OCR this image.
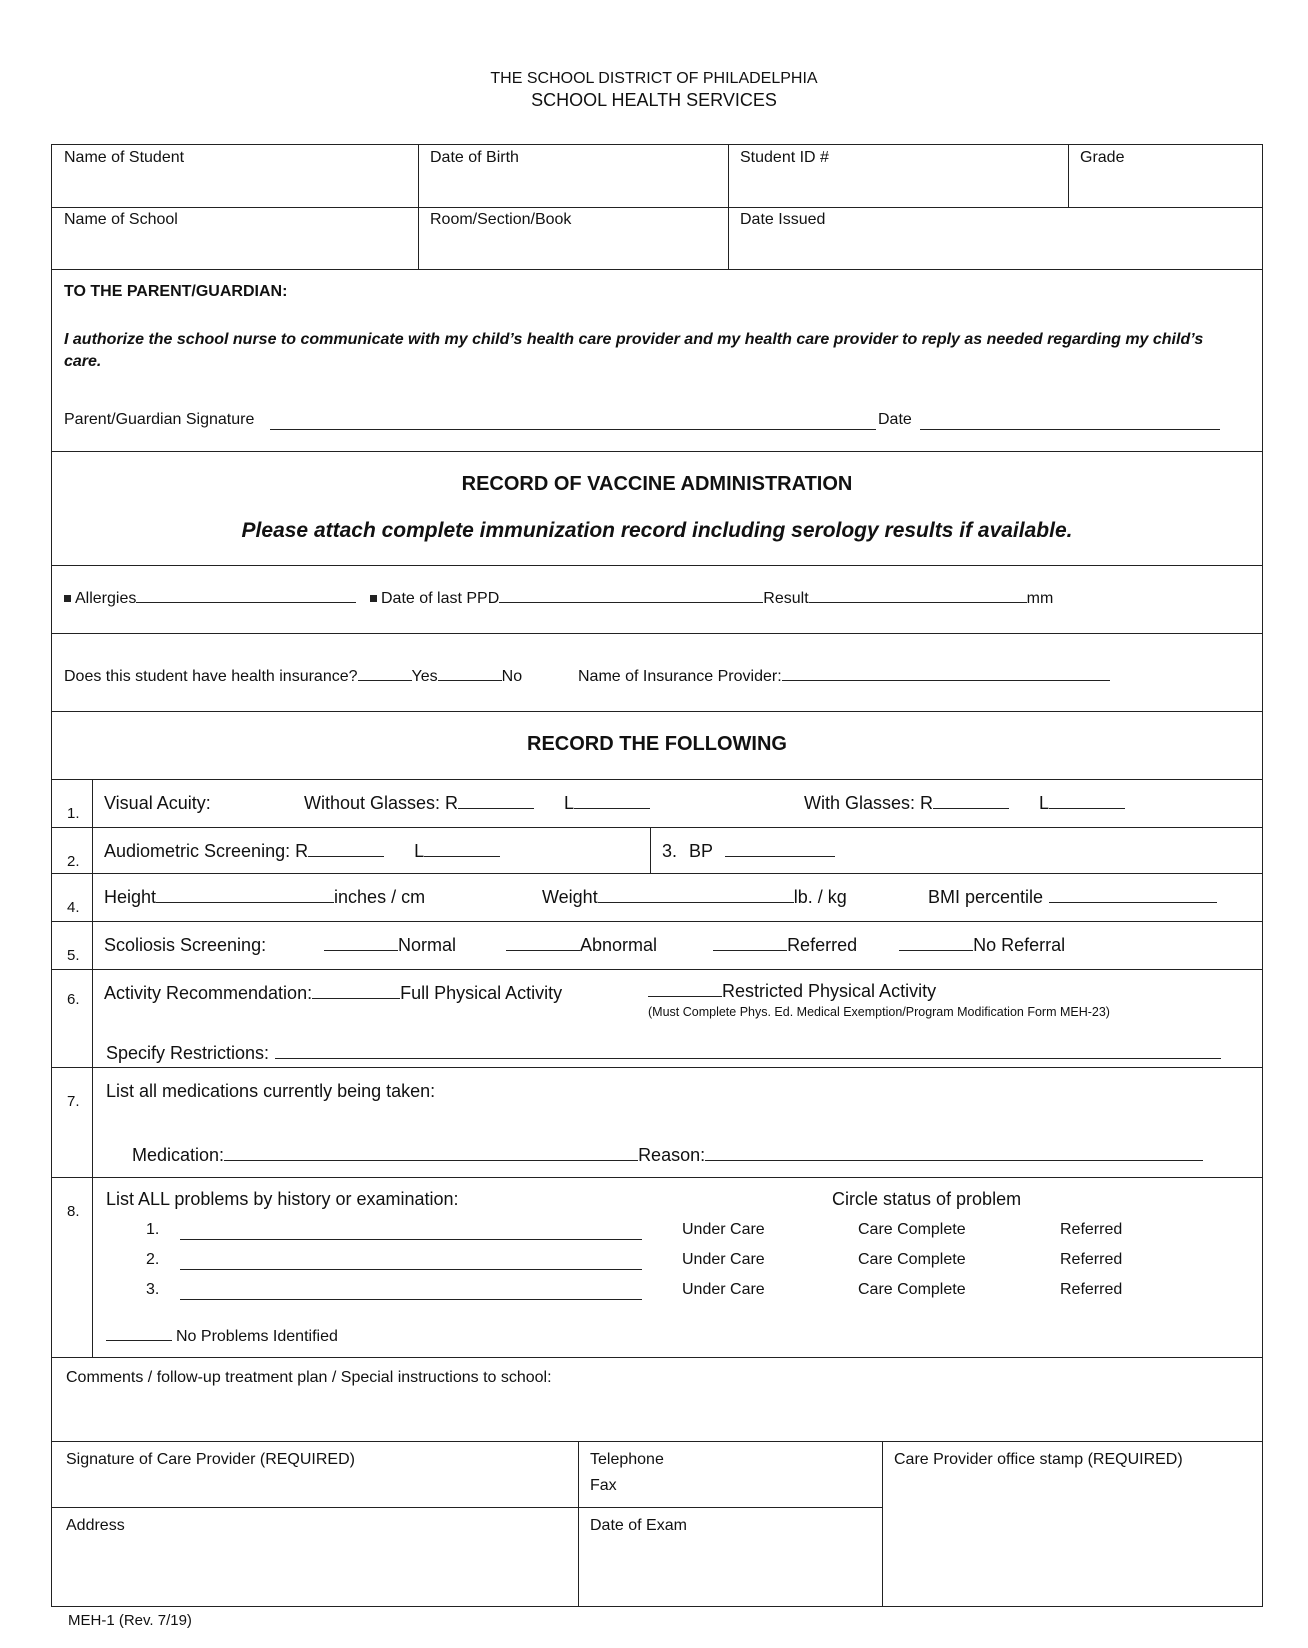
THE SCHOOL DISTRICT OF PHILADELPHIA
SCHOOL HEALTH SERVICES
Name of Student	Date of Birth	Student ID #	Grade
Name of School	Room/Section/Book	Date Issued
TO THE PARENT/GUARDIAN:
I authorize the school nurse to communicate with my child’s health care provider and my health care provider to reply as needed regarding my child’s care.
Parent/Guardian Signature	Date
RECORD OF VACCINE ADMINISTRATION
Please attach complete immunization record including serology results if available.
Allergies	Date of last PPD	Result	mm
Does this student have health insurance?	Yes	No	Name of Insurance Provider:
RECORD THE FOLLOWING
1.
Visual Acuity:	Without Glasses: R	L	With Glasses: R	L
2.
Audiometric Screening: R	L	3. BP
4.
Height	inches / cm	Weight	lb. / kg	BMI percentile
5.
Scoliosis Screening:	Normal	Abnormal	Referred	No Referral
6. Activity Recommendation:	Full Physical Activity	Restricted Physical Activity
(Must Complete Phys. Ed. Medical Exemption/Program Modification Form MEH-23)
Specify Restrictions:
7.
List all medications currently being taken:
Medication:	Reason:
8.
List ALL problems by history or examination:	Circle status of problem
1.	Under Care	Care Complete	Referred
2.	Under Care	Care Complete	Referred
3.	Under Care	Care Complete	Referred
No Problems Identified
Comments / follow-up treatment plan / Special instructions to school:
Signature of Care Provider (REQUIRED)	Telephone
Fax
Care Provider office stamp (REQUIRED)
Address	Date of Exam
MEH-1 (Rev. 7/19)
